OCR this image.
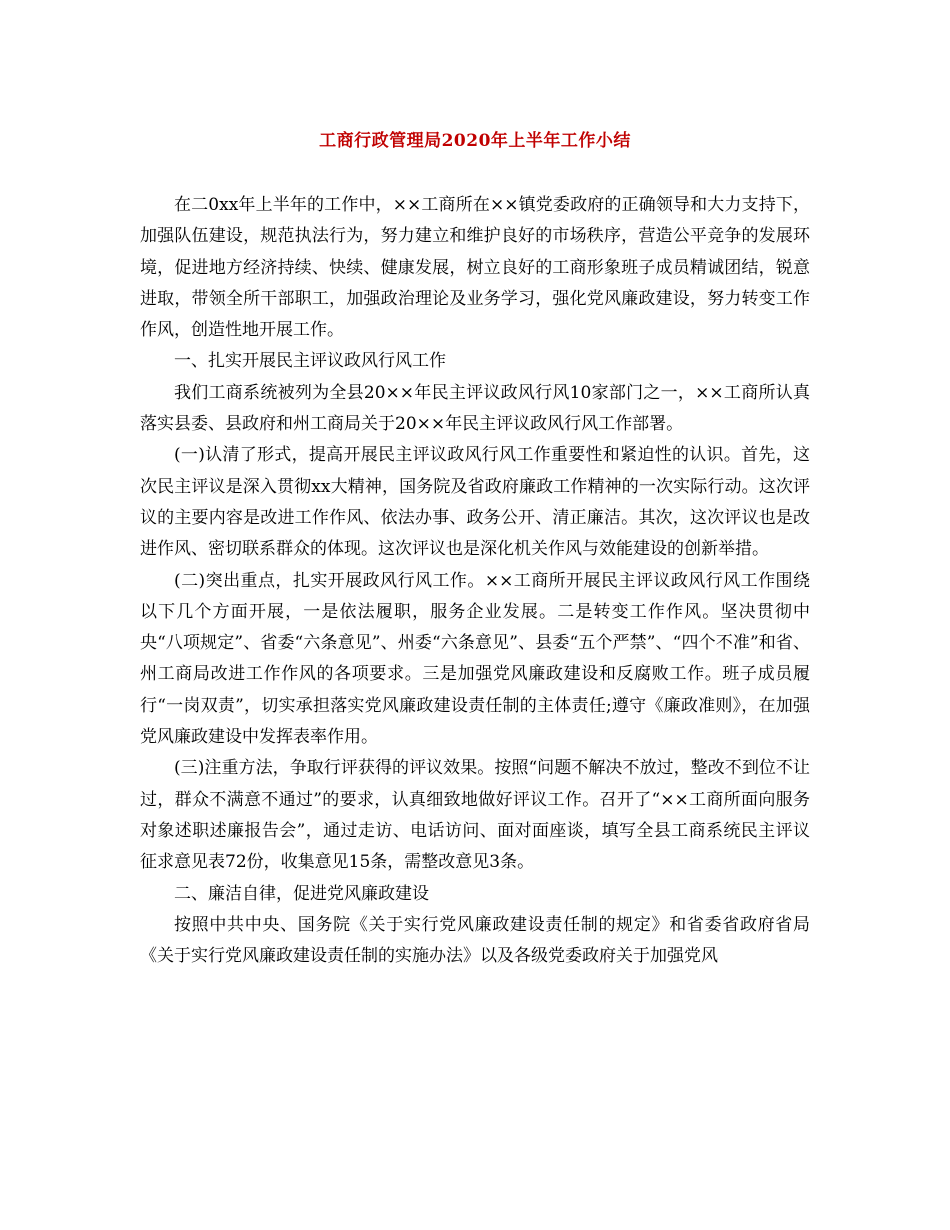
工商行政管理局2020年上半年工作小结

在二0xx年上半年的工作中，××工商所在××镇党委政府的正确领导和大力支持下，加强队伍建设，规范执法行为，努力建立和维护良好的市场秩序，营造公平竞争的发展环境，促进地方经济持续、快续、健康发展，树立良好的工商形象班子成员精诚团结，锐意进取，带领全所干部职工，加强政治理论及业务学习，强化党风廉政建设，努力转变工作作风，创造性地开展工作。

一、扎实开展民主评议政风行风工作

我们工商系统被列为全县20××年民主评议政风行风10家部门之一，××工商所认真落实县委、县政府和州工商局关于20××年民主评议政风行风工作部署。

(一)认清了形式，提高开展民主评议政风行风工作重要性和紧迫性的认识。首先，这次民主评议是深入贯彻xx大精神，国务院及省政府廉政工作精神的一次实际行动。这次评议的主要内容是改进工作作风、依法办事、政务公开、清正廉洁。其次，这次评议也是改进作风、密切联系群众的体现。这次评议也是深化机关作风与效能建设的创新举措。

(二)突出重点，扎实开展政风行风工作。××工商所开展民主评议政风行风工作围绕以下几个方面开展，一是依法履职，服务企业发展。二是转变工作作风。坚决贯彻中央“八项规定”、省委“六条意见”、州委“六条意见”、县委“五个严禁”、“四个不准”和省、州工商局改进工作作风的各项要求。三是加强党风廉政建设和反腐败工作。班子成员履行“一岗双责”，切实承担落实党风廉政建设责任制的主体责任;遵守《廉政准则》，在加强党风廉政建设中发挥表率作用。

(三)注重方法，争取行评获得的评议效果。按照“问题不解决不放过，整改不到位不让过，群众不满意不通过”的要求，认真细致地做好评议工作。召开了“××工商所面向服务对象述职述廉报告会”，通过走访、电话访问、面对面座谈，填写全县工商系统民主评议征求意见表72份，收集意见15条，需整改意见3条。

二、廉洁自律，促进党风廉政建设

按照中共中央、国务院《关于实行党风廉政建设责任制的规定》和省委省政府省局《关于实行党风廉政建设责任制的实施办法》以及各级党委政府关于加强党风
